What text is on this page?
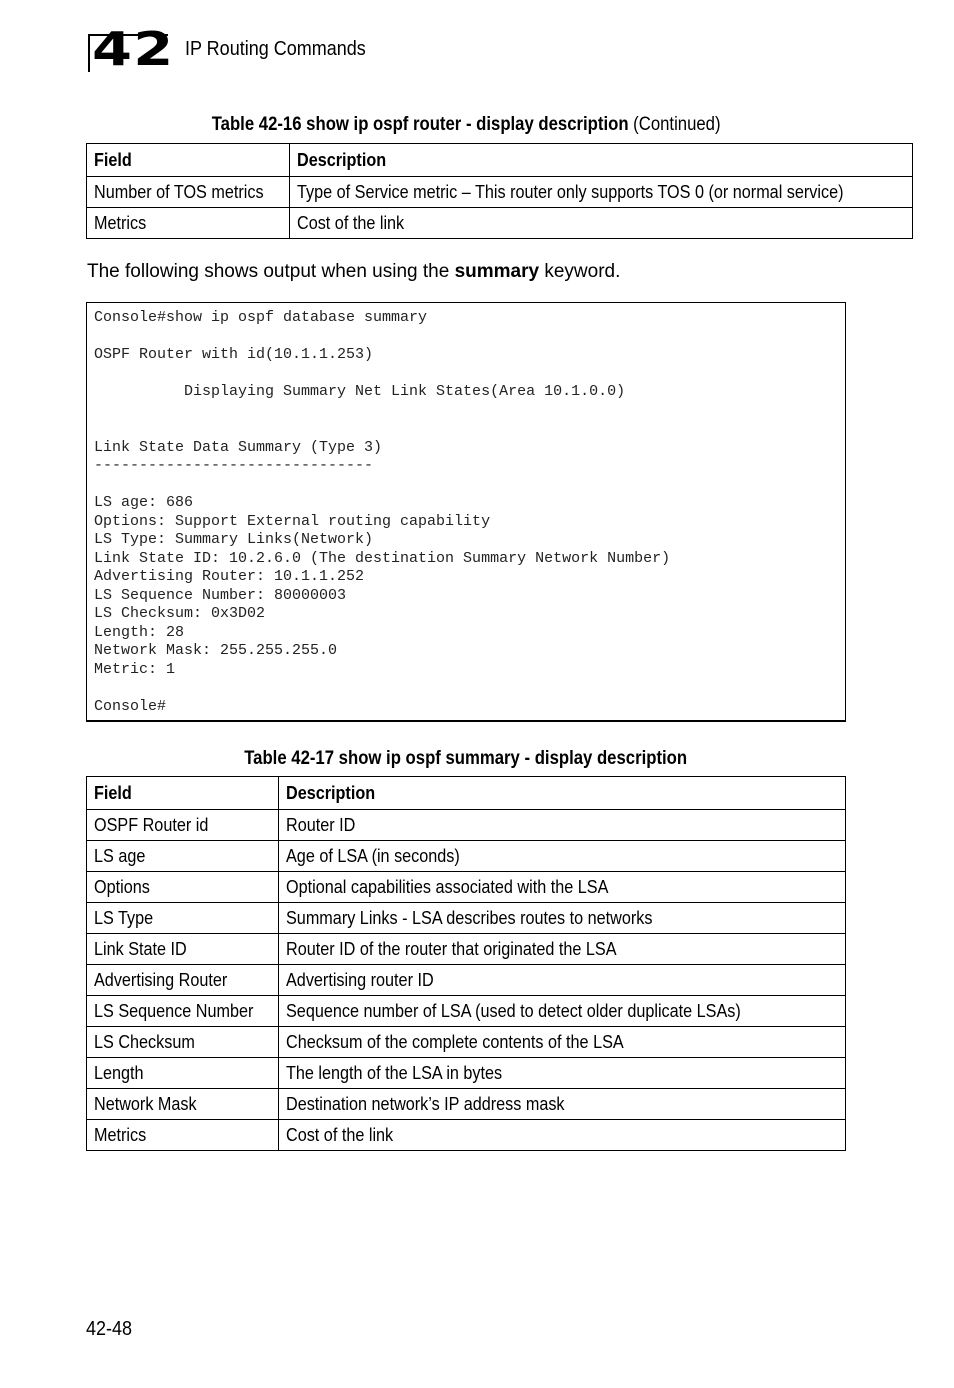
42 IP Routing Commands
Table 42-16 show ip ospf router - display description (Continued)
Field	Description
Number of TOS metrics	Type of Service metric – This router only supports TOS 0 (or normal service)
Metrics	Cost of the link
The following shows output when using the summary keyword.
Console#show ip ospf database summary

OSPF Router with id(10.1.1.253)

Displaying Summary Net Link States(Area 10.1.0.0)

Link State Data Summary (Type 3)
-------------------------------

LS age: 686
Options: Support External routing capability
LS Type: Summary Links(Network)
Link State ID: 10.2.6.0 (The destination Summary Network Number)
Advertising Router: 10.1.1.252
LS Sequence Number: 80000003
LS Checksum: 0x3D02
Length: 28
Network Mask: 255.255.255.0
Metric: 1

Console#

Table 42-17 show ip ospf summary - display description
Field	Description
OSPF Router id	Router ID
LS age	Age of LSA (in seconds)
Options	Optional capabilities associated with the LSA
LS Type	Summary Links - LSA describes routes to networks
Link State ID	Router ID of the router that originated the LSA
Advertising Router	Advertising router ID
LS Sequence Number	Sequence number of LSA (used to detect older duplicate LSAs)
LS Checksum	Checksum of the complete contents of the LSA
Length	The length of the LSA in bytes
Network Mask	Destination network’s IP address mask
Metrics	Cost of the link
42-48
